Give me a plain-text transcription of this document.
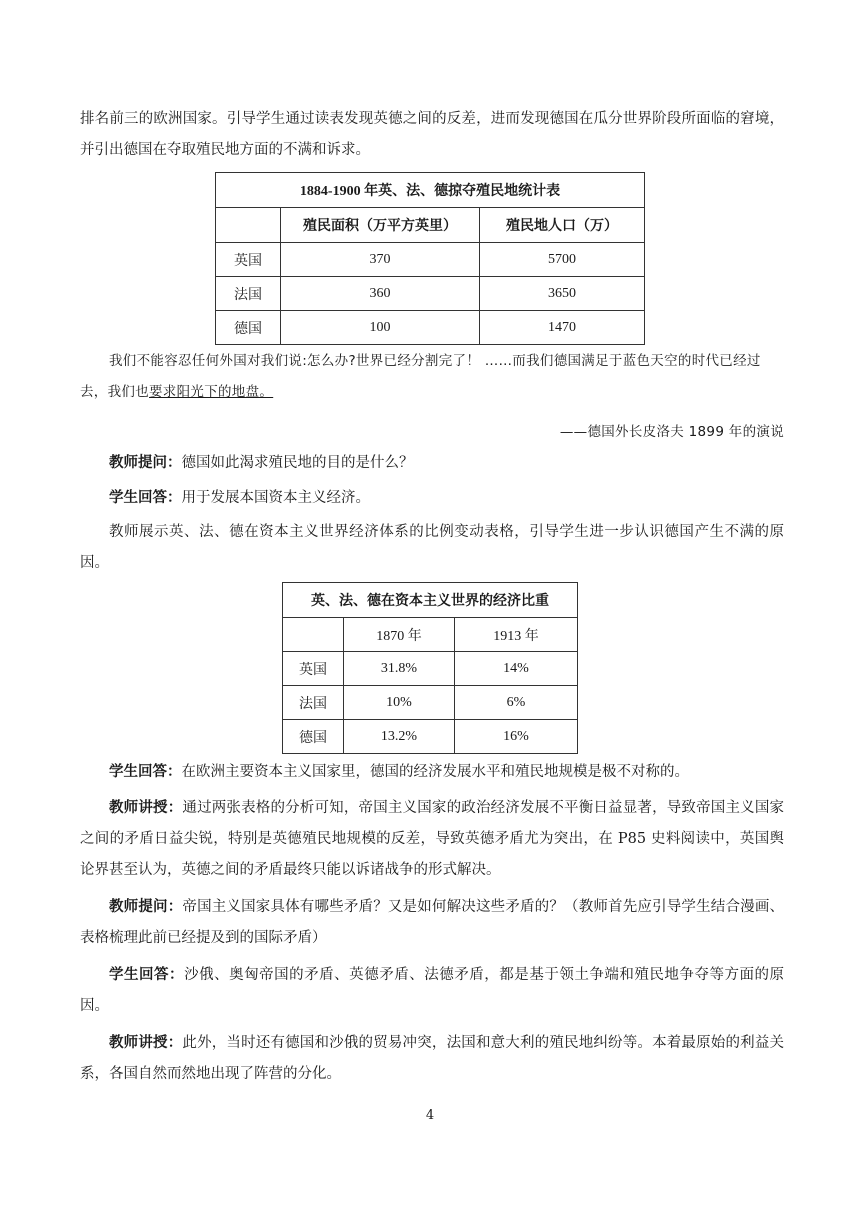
排名前三的欧洲国家。引导学生通过读表发现英德之间的反差，进而发现德国在瓜分世界阶段所面临的窘境，并引出德国在夺取殖民地方面的不满和诉求。

1884-1900 年英、法、德掠夺殖民地统计表		
	殖民面积（万平方英里）	殖民地人口（万）
英国	370	5700
法国	360	3650
德国	100	1470

我们不能容忍任何外国对我们说:怎么办?世界已经分割完了！ ……而我们德国满足于蓝色天空的时代已经过去，我们也要求阳光下的地盘。

——德国外长皮洛夫 1899 年的演说

教师提问：德国如此渴求殖民地的目的是什么？

学生回答：用于发展本国资本主义经济。

教师展示英、法、德在资本主义世界经济体系的比例变动表格，引导学生进一步认识德国产生不满的原因。

英、法、德在资本主义世界的经济比重		
	1870 年	1913 年
英国	31.8%	14%
法国	10%	6%
德国	13.2%	16%

学生回答：在欧洲主要资本主义国家里，德国的经济发展水平和殖民地规模是极不对称的。

教师讲授：通过两张表格的分析可知，帝国主义国家的政治经济发展不平衡日益显著，导致帝国主义国家之间的矛盾日益尖锐，特别是英德殖民地规模的反差，导致英德矛盾尤为突出，在 P85 史料阅读中，英国舆论界甚至认为，英德之间的矛盾最终只能以诉诸战争的形式解决。

教师提问：帝国主义国家具体有哪些矛盾？又是如何解决这些矛盾的？（教师首先应引导学生结合漫画、表格梳理此前已经提及到的国际矛盾）

学生回答：沙俄、奥匈帝国的矛盾、英德矛盾、法德矛盾，都是基于领土争端和殖民地争夺等方面的原因。

教师讲授：此外，当时还有德国和沙俄的贸易冲突，法国和意大利的殖民地纠纷等。本着最原始的利益关系，各国自然而然地出现了阵营的分化。

4
